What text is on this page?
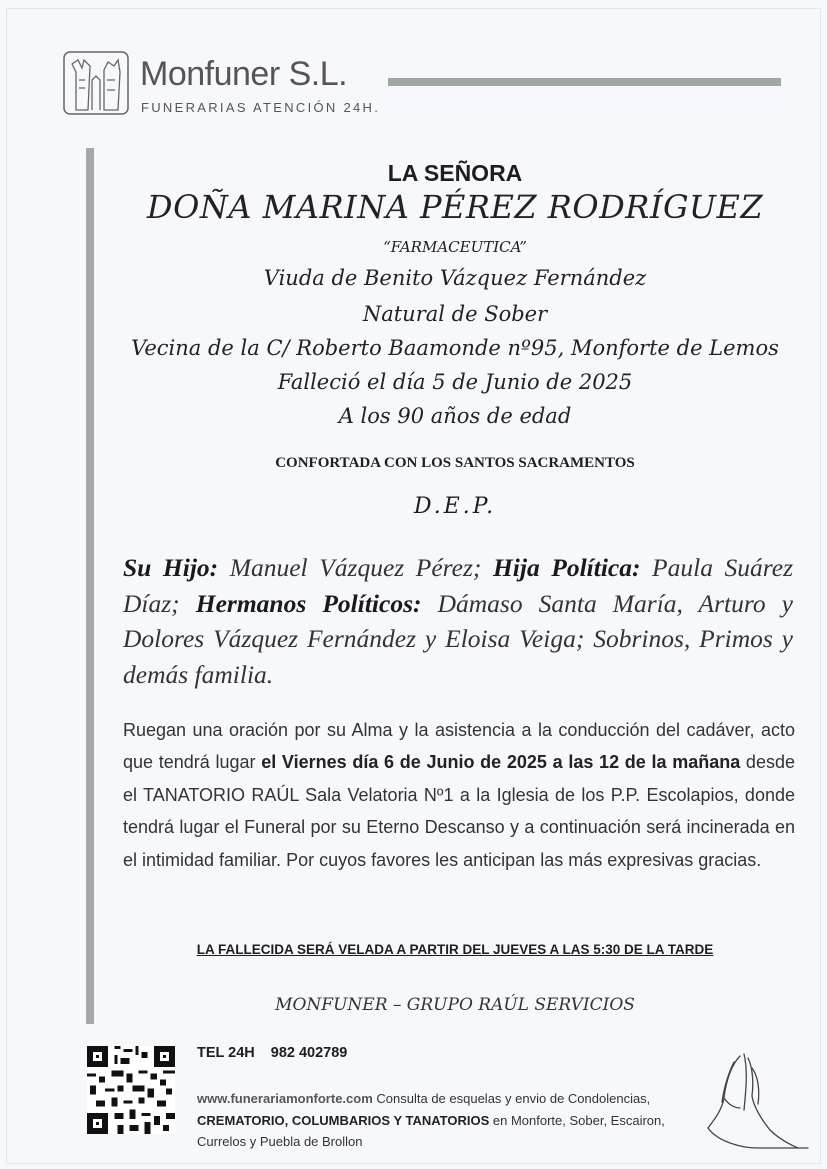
Monfuner S.L.
FUNERARIAS ATENCIÓN 24H.
LA SEÑORA
DOÑA MARINA PÉREZ RODRÍGUEZ
“FARMACEUTICA”
Viuda de Benito Vázquez Fernández
Natural de Sober
Vecina de la C/ Roberto Baamonde nº95, Monforte de Lemos
Falleció el día 5 de Junio de 2025
A los 90 años de edad
CONFORTADA CON LOS SANTOS SACRAMENTOS
D.E.P.
Su Hijo: Manuel Vázquez Pérez; Hija Política: Paula Suárez Díaz; Hermanos Políticos: Dámaso Santa María, Arturo y Dolores Vázquez Fernández y Eloisa Veiga; Sobrinos, Primos y demás familia.
Ruegan una oración por su Alma y la asistencia a la conducción del cadáver, acto que tendrá lugar el Viernes día 6 de Junio de 2025 a las 12 de la mañana desde el TANATORIO RAÚL Sala Velatoria Nº1 a la Iglesia de los P.P. Escolapios, donde tendrá lugar el Funeral por su Eterno Descanso y a continuación será incinerada en el intimidad familiar. Por cuyos favores les anticipan las más expresivas gracias.
LA FALLECIDA SERÁ VELADA A PARTIR DEL JUEVES A LAS 5:30 DE LA TARDE
MONFUNER – GRUPO RAÚL SERVICIOS
TEL 24H 982 402789
www.funerariamonforte.com Consulta de esquelas y envio de Condolencias, CREMATORIO, COLUMBARIOS Y TANATORIOS en Monforte, Sober, Escairon, Currelos y Puebla de Brollon
